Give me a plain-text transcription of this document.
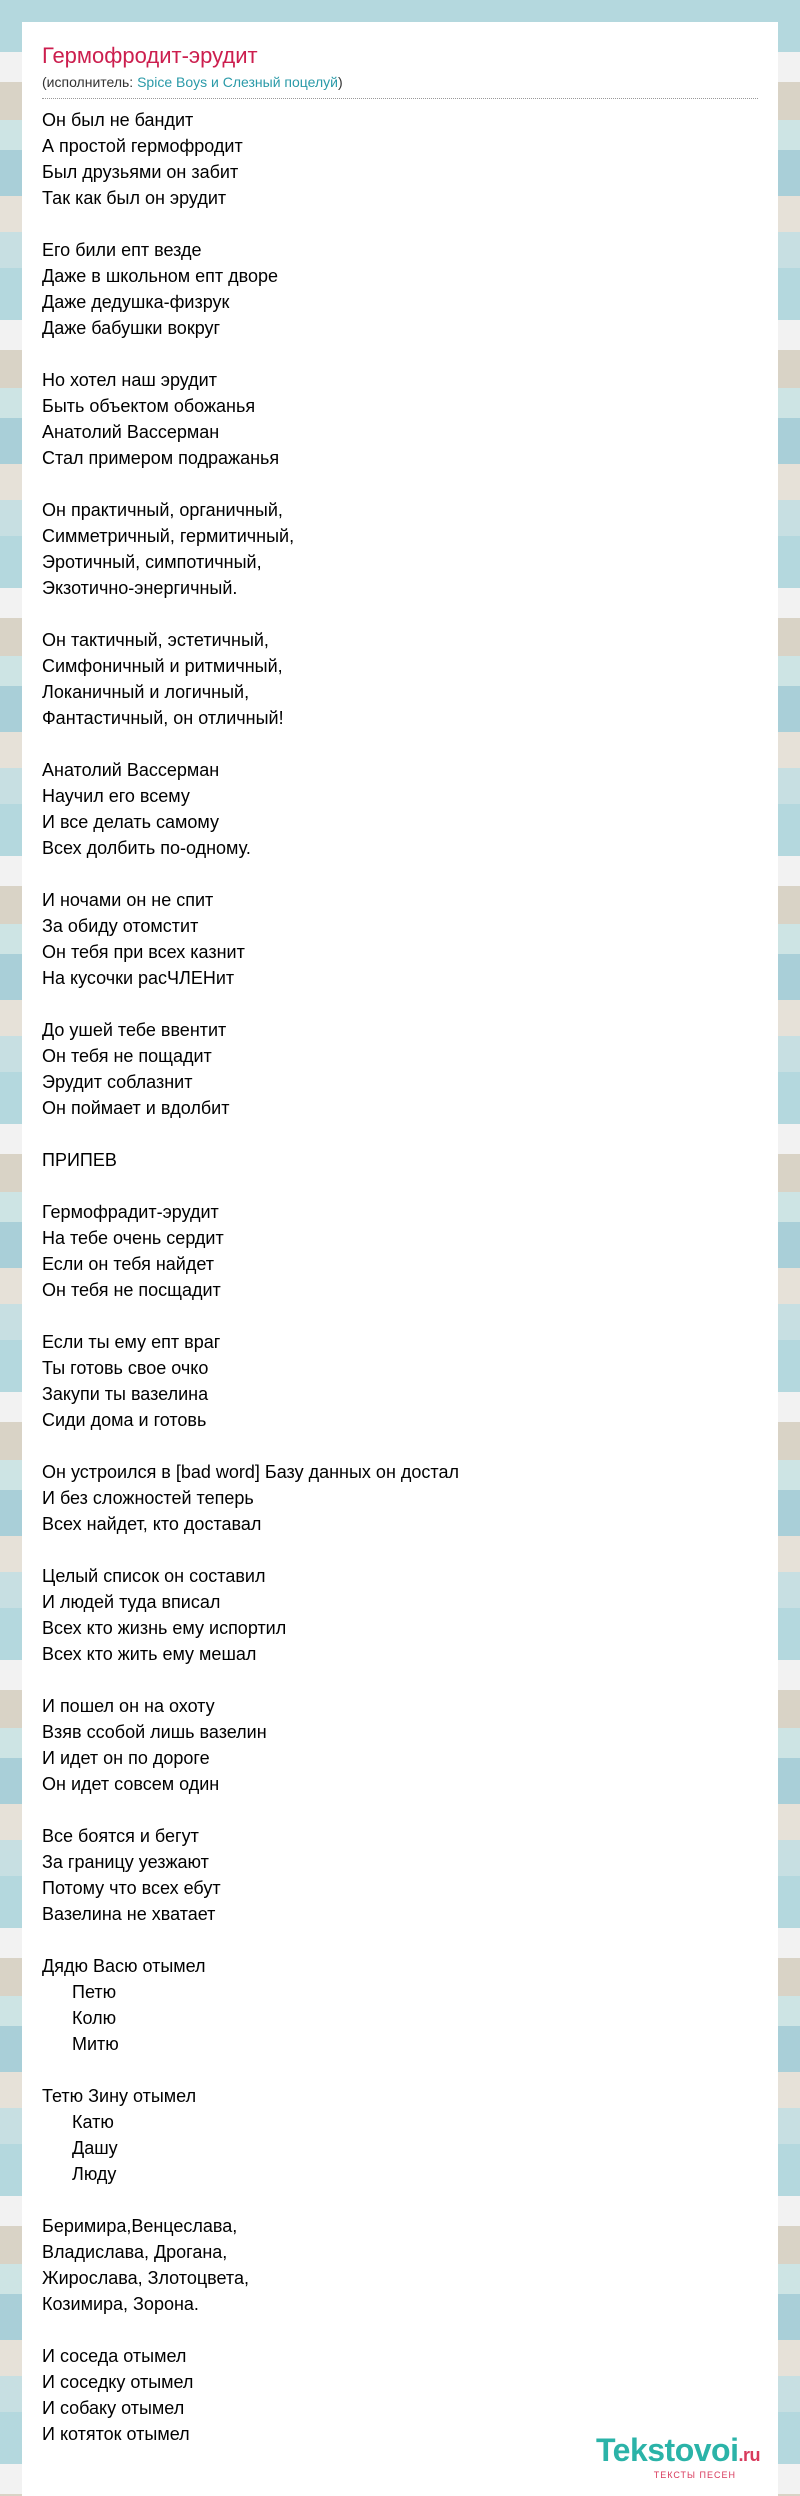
Гермофродит-эрудит
(исполнитель: Spice Boys и Слезный поцелуй)
Он был не бандит
А простой гермофродит
Был друзьями он забит
Так как был он эрудит
Его били епт везде
Даже в школьном епт дворе
Даже дедушка-физрук
Даже бабушки вокруг
Но хотел наш эрудит
Быть объектом обожанья
Анатолий Вассерман
Стал примером подражанья
Он практичный, органичный,
Симметричный, гермитичный,
Эротичный, симпотичный,
Экзотично-энергичный.
Он тактичный, эстетичный,
Симфоничный и ритмичный,
Локаничный и логичный,
Фантастичный, он отличный!
Анатолий Вассерман
Научил его всему
И все делать самому
Всех долбить по-одному.
И ночами он не спит
За обиду отомстит
Он тебя при всех казнит
На кусочки расЧЛЕНит
До ушей тебе ввентит
Он тебя не пощадит
Эрудит соблазнит
Он поймает и вдолбит
ПРИПЕВ
Гермофрадит-эрудит
На тебе очень сердит
Если он тебя найдет
Он тебя не посщадит
Если ты ему епт враг
Ты готовь свое очко
Закупи ты вазелина
Сиди дома и готовь
Он устроился в [bad word] Базу данных он достал
И без сложностей теперь
Всех найдет, кто доставал
Целый список он составил
И людей туда вписал
Всех кто жизнь ему испортил
Всех кто жить ему мешал
И пошел он на охоту
Взяв ссобой лишь вазелин
И идет он по дороге
Он идет совсем один
Все боятся и бегут
За границу уезжают
Потому что всех ебут
Вазелина не хватает
Дядю Васю отымел
Петю
Колю
Митю
Тетю Зину отымел
Катю
Дашу
Люду
Беримира,Венцеслава,
Владислава, Дрогана,
Жирослава, Злотоцвета,
Козимира, Зорона.
И соседа отымел
И соседку отымел
И собаку отымел
И котяток отымел	Tekstovoi.ru
ТЕКСТЫ ПЕСЕН
